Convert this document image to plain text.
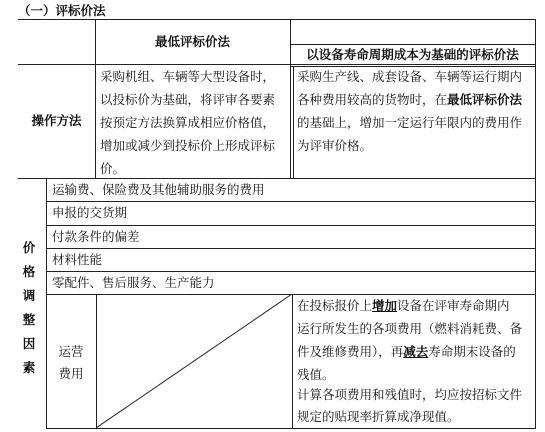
（一）评标价法
最低评标价法
以设备寿命周期成本为基础的评标价法
操作方法
采购机组、车辆等大型设备时，
以投标价为基础，将评审各要素
按预定方法换算成相应价格值，
增加或减少到投标价上形成评标
价。
采购生产线、成套设备、车辆等运行期内
各种费用较高的货物时，在最低评标价法
的基础上，增加一定运行年限内的费用作
为评审价格。
价
格
调
整
因
素
运输费、保险费及其他辅助服务的费用
申报的交货期
付款条件的偏差
材料性能
零配件、售后服务、生产能力
运营
费用
在投标报价上增加设备在评审寿命期内
运行所发生的各项费用（燃料消耗费、备
件及维修费用），再减去寿命期末设备的
残值。
计算各项费用和残值时，均应按招标文件
规定的贴现率折算成净现值。
